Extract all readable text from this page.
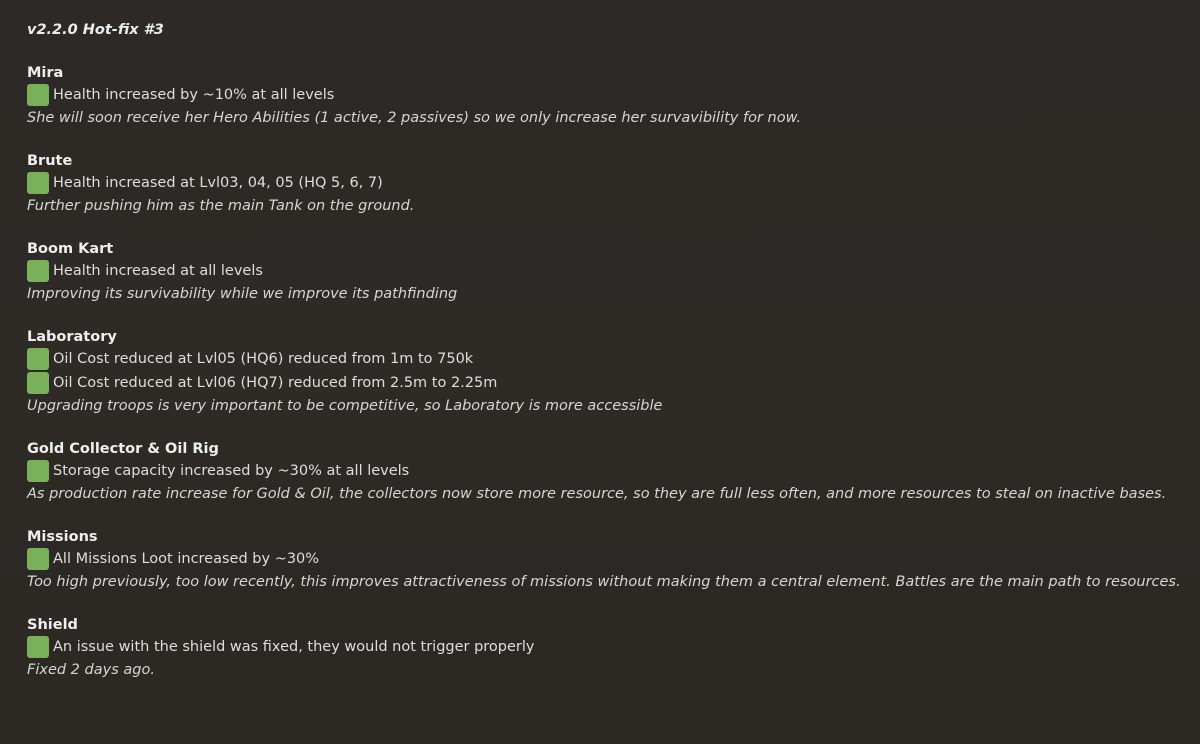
v2.2.0 Hot-fix #3
Mira
Health increased by ~10% at all levels
She will soon receive her Hero Abilities (1 active, 2 passives) so we only increase her survavibility for now.
Brute
Health increased at Lvl03, 04, 05 (HQ 5, 6, 7)
Further pushing him as the main Tank on the ground.
Boom Kart
Health increased at all levels
Improving its survivability while we improve its pathfinding
Laboratory
Oil Cost reduced at Lvl05 (HQ6) reduced from 1m to 750k
Oil Cost reduced at Lvl06 (HQ7) reduced from 2.5m to 2.25m
Upgrading troops is very important to be competitive, so Laboratory is more accessible
Gold Collector & Oil Rig
Storage capacity increased by ~30% at all levels
As production rate increase for Gold & Oil, the collectors now store more resource, so they are full less often, and more resources to steal on inactive bases.
Missions
All Missions Loot increased by ~30%
Too high previously, too low recently, this improves attractiveness of missions without making them a central element. Battles are the main path to resources.
Shield
An issue with the shield was fixed, they would not trigger properly
Fixed 2 days ago.
